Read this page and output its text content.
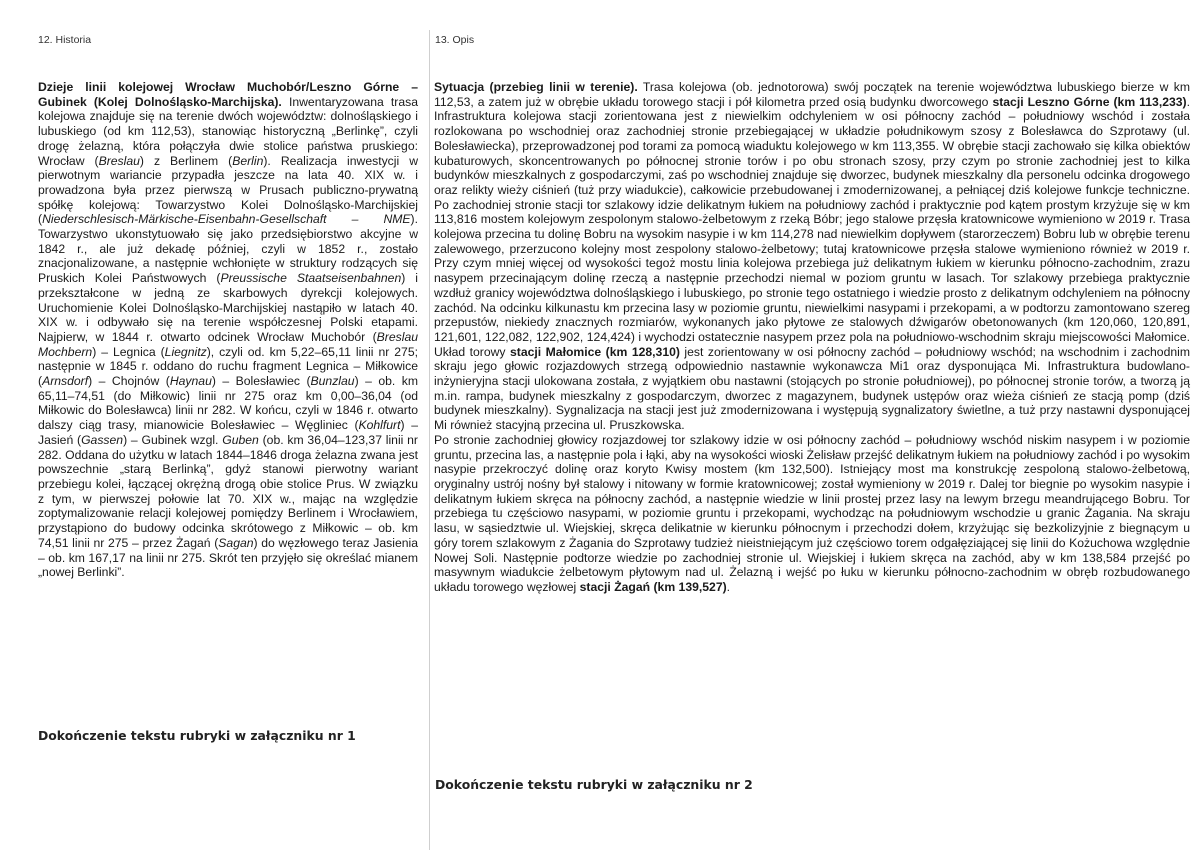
12. Historia	13. Opis

Dzieje linii kolejowej Wrocław Muchobór/Leszno Górne – Gubinek (Kolej Dolnośląsko-Marchijska). Inwentaryzowana trasa kolejowa znajduje się na terenie dwóch województw: dolnośląskiego i lubuskiego (od km 112,53), stanowiąc historyczną „Berlinkę”, czyli drogę żelazną, która połączyła dwie stolice państwa pruskiego: Wrocław (Breslau) z Berlinem (Berlin). Realizacja inwestycji w pierwotnym wariancie przypadła jeszcze na lata 40. XIX w. i prowadzona była przez pierwszą w Prusach publiczno-prywatną spółkę kolejową: Towarzystwo Kolei Dolnośląsko-Marchijskiej (Niederschlesisch-Märkische-Eisenbahn-Gesellschaft – NME). Towarzystwo ukonstytuowało się jako przedsiębiorstwo akcyjne w 1842 r., ale już dekadę później, czyli w 1852 r., zostało znacjonalizowane, a następnie wchłonięte w struktury rodzących się Pruskich Kolei Państwowych (Preussische Staatseisenbahnen) i przekształcone w jedną ze skarbowych dyrekcji kolejowych. Uruchomienie Kolei Dolnośląsko-Marchijskiej nastąpiło w latach 40. XIX w. i odbywało się na terenie współczesnej Polski etapami. Najpierw, w 1844 r. otwarto odcinek Wrocław Muchobór (Breslau Mochbern) – Legnica (Liegnitz), czyli od. km 5,22–65,11 linii nr 275; następnie w 1845 r. oddano do ruchu fragment Legnica – Miłkowice (Arnsdorf) – Chojnów (Haynau) – Bolesławiec (Bunzlau) – ob. km 65,11–74,51 (do Miłkowic) linii nr 275 oraz km 0,00–36,04 (od Miłkowic do Bolesławca) linii nr 282. W końcu, czyli w 1846 r. otwarto dalszy ciąg trasy, mianowicie Bolesławiec – Węgliniec (Kohlfurt) – Jasień (Gassen) – Gubinek wzgl. Guben (ob. km 36,04–123,37 linii nr 282. Oddana do użytku w latach 1844–1846 droga żelazna zwana jest powszechnie „starą Berlinką”, gdyż stanowi pierwotny wariant przebiegu kolei, łączącej okrężną drogą obie stolice Prus. W związku z tym, w pierwszej połowie lat 70. XIX w., mając na względzie zoptymalizowanie relacji kolejowej pomiędzy Berlinem i Wrocławiem, przystąpiono do budowy odcinka skrótowego z Miłkowic – ob. km 74,51 linii nr 275 – przez Żagań (Sagan) do węzłowego teraz Jasienia – ob. km 167,17 na linii nr 275. Skrót ten przyjęło się określać mianem „nowej Berlinki”.

Sytuacja (przebieg linii w terenie). Trasa kolejowa (ob. jednotorowa) swój początek na terenie województwa lubuskiego bierze w km 112,53, a zatem już w obrębie układu torowego stacji i pół kilometra przed osią budynku dworcowego stacji Leszno Górne (km 113,233). Infrastruktura kolejowa stacji zorientowana jest z niewielkim odchyleniem w osi północny zachód – południowy wschód i została rozlokowana po wschodniej oraz zachodniej stronie przebiegającej w układzie południkowym szosy z Bolesławca do Szprotawy (ul. Bolesławiecka), przeprowadzonej pod torami za pomocą wiaduktu kolejowego w km 113,355. W obrębie stacji zachowało się kilka obiektów kubaturowych, skoncentrowanych po północnej stronie torów i po obu stronach szosy, przy czym po stronie zachodniej jest to kilka budynków mieszkalnych z gospodarczymi, zaś po wschodniej znajduje się dworzec, budynek mieszkalny dla personelu odcinka drogowego oraz relikty wieży ciśnień (tuż przy wiadukcie), całkowicie przebudowanej i zmodernizowanej, a pełniącej dziś kolejowe funkcje techniczne. Po zachodniej stronie stacji tor szlakowy idzie delikatnym łukiem na południowy zachód i praktycznie pod kątem prostym krzyżuje się w km 113,816 mostem kolejowym zespolonym stalowo-żelbetowym z rzeką Bóbr; jego stalowe przęsła kratownicowe wymieniono w 2019 r. Trasa kolejowa przecina tu dolinę Bobru na wysokim nasypie i w km 114,278 nad niewielkim dopływem (starorzeczem) Bobru lub w obrębie terenu zalewowego, przerzucono kolejny most zespolony stalowo-żelbetowy; tutaj kratownicowe przęsła stalowe wymieniono również w 2019 r. Przy czym mniej więcej od wysokości tegoż mostu linia kolejowa przebiega już delikatnym łukiem w kierunku północno-zachodnim, zrazu nasypem przecinającym dolinę rzeczą a następnie przechodzi niemal w poziom gruntu w lasach. Tor szlakowy przebiega praktycznie wzdłuż granicy województwa dolnośląskiego i lubuskiego, po stronie tego ostatniego i wiedzie prosto z delikatnym odchyleniem na północny zachód. Na odcinku kilkunastu km przecina lasy w poziomie gruntu, niewielkimi nasypami i przekopami, a w podtorzu zamontowano szereg przepustów, niekiedy znacznych rozmiarów, wykonanych jako płytowe ze stalowych dźwigarów obetonowanych (km 120,060, 120,891, 121,601, 122,082, 122,902, 124,424) i wychodzi ostatecznie nasypem przez pola na południowo-wschodnim skraju miejscowości Małomice. Układ torowy stacji Małomice (km 128,310) jest zorientowany w osi północny zachód – południowy wschód; na wschodnim i zachodnim skraju jego głowic rozjazdowych strzegą odpowiednio nastawnie wykonawcza Mi1 oraz dysponująca Mi. Infrastruktura budowlano-inżynieryjna stacji ulokowana została, z wyjątkiem obu nastawni (stojących po stronie południowej), po północnej stronie torów, a tworzą ją m.in. rampa, budynek mieszkalny z gospodarczym, dworzec z magazynem, budynek ustępów oraz wieża ciśnień ze stacją pomp (dziś budynek mieszkalny). Sygnalizacja na stacji jest już zmodernizowana i występują sygnalizatory świetlne, a tuż przy nastawni dysponującej Mi również stacyjną przecina ul. Pruszkowska.
Po stronie zachodniej głowicy rozjazdowej tor szlakowy idzie w osi północny zachód – południowy wschód niskim nasypem i w poziomie gruntu, przecina las, a następnie pola i łąki, aby na wysokości wioski Żelisław przejść delikatnym łukiem na południowy zachód i po wysokim nasypie przekroczyć dolinę oraz koryto Kwisy mostem (km 132,500). Istniejący most ma konstrukcję zespoloną stalowo-żelbetową, oryginalny ustrój nośny był stalowy i nitowany w formie kratownicowej; został wymieniony w 2019 r. Dalej tor biegnie po wysokim nasypie i delikatnym łukiem skręca na północny zachód, a następnie wiedzie w linii prostej przez lasy na lewym brzegu meandrującego Bobru. Tor przebiega tu częściowo nasypami, w poziomie gruntu i przekopami, wychodząc na południowym wschodzie u granic Żagania. Na skraju lasu, w sąsiedztwie ul. Wiejskiej, skręca delikatnie w kierunku północnym i przechodzi dołem, krzyżując się bezkolizyjnie z biegnącym u góry torem szlakowym z Żagania do Szprotawy tudzież nieistniejącym już częściowo torem odgałęziającej się linii do Kożuchowa względnie Nowej Soli. Następnie podtorze wiedzie po zachodniej stronie ul. Wiejskiej i łukiem skręca na zachód, aby w km 138,584 przejść po masywnym wiadukcie żelbetowym płytowym nad ul. Żelazną i wejść po łuku w kierunku północno-zachodnim w obręb rozbudowanego układu torowego węzłowej stacji Żagań (km 139,527).

Dokończenie tekstu rubryki w załączniku nr 1
Dokończenie tekstu rubryki w załączniku nr 2
